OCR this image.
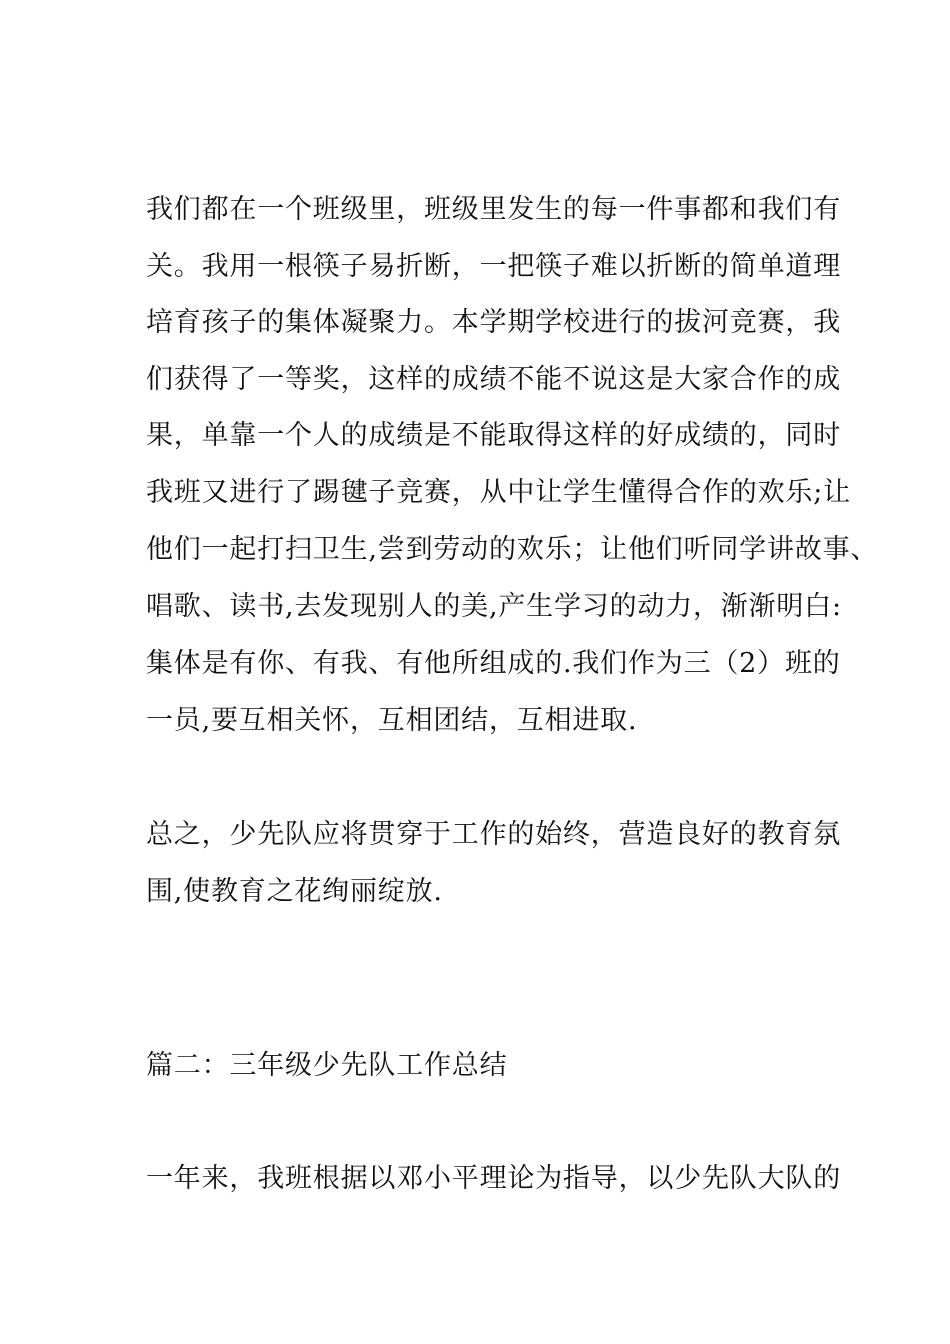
我们都在一个班级里，班级里发生的每一件事都和我们有
关。我用一根筷子易折断，一把筷子难以折断的简单道理
培育孩子的集体凝聚力。本学期学校进行的拔河竞赛，我
们获得了一等奖，这样的成绩不能不说这是大家合作的成
果，单靠一个人的成绩是不能取得这样的好成绩的，同时
我班又进行了踢毽子竞赛，从中让学生懂得合作的欢乐;让
他们一起打扫卫生,尝到劳动的欢乐；让他们听同学讲故事、
唱歌、读书,去发现别人的美,产生学习的动力，渐渐明白:
集体是有你、有我、有他所组成的.我们作为三（2）班的
一员,要互相关怀，互相团结，互相进取.
总之，少先队应将贯穿于工作的始终，营造良好的教育氛
围,使教育之花绚丽绽放.
篇二：三年级少先队工作总结
一年来，我班根据以邓小平理论为指导，以少先队大队的
